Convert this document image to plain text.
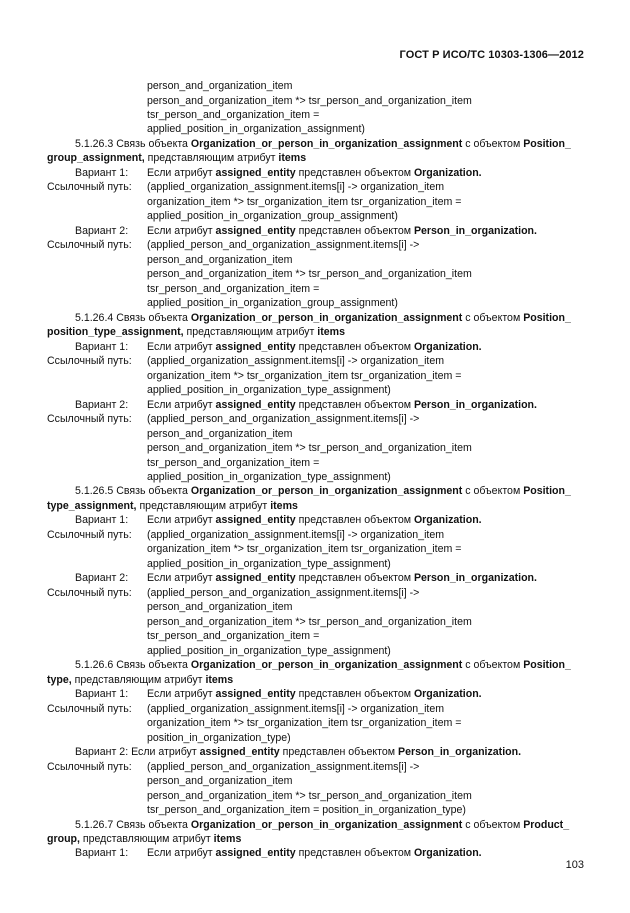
ГОСТ Р ИСО/ТС 10303-1306—2012
person_and_organization_item
person_and_organization_item *> tsr_person_and_organization_item
tsr_person_and_organization_item =
applied_position_in_organization_assignment)
5.1.26.3 Связь объекта Organization_or_person_in_organization_assignment с объектом Position_
group_assignment, представляющим атрибут items
Вариант 1: Если атрибут assigned_entity представлен объектом Organization.
Ссылочный путь: (applied_organization_assignment.items[i] -> organization_item
organization_item *> tsr_organization_item tsr_organization_item =
applied_position_in_organization_group_assignment)
Вариант 2: Если атрибут assigned_entity представлен объектом Person_in_organization.
Ссылочный путь: (applied_person_and_organization_assignment.items[i] ->
person_and_organization_item
person_and_organization_item *> tsr_person_and_organization_item
tsr_person_and_organization_item =
applied_position_in_organization_group_assignment)
5.1.26.4 Связь объекта Organization_or_person_in_organization_assignment с объектом Position_
position_type_assignment, представляющим атрибут items
Вариант 1: Если атрибут assigned_entity представлен объектом Organization.
Ссылочный путь: (applied_organization_assignment.items[i] -> organization_item
organization_item *> tsr_organization_item tsr_organization_item =
applied_position_in_organization_type_assignment)
Вариант 2: Если атрибут assigned_entity представлен объектом Person_in_organization.
Ссылочный путь: (applied_person_and_organization_assignment.items[i] ->
person_and_organization_item
person_and_organization_item *> tsr_person_and_organization_item
tsr_person_and_organization_item =
applied_position_in_organization_type_assignment)
5.1.26.5 Связь объекта Organization_or_person_in_organization_assignment с объектом Position_
type_assignment, представляющим атрибут items
Вариант 1: Если атрибут assigned_entity представлен объектом Organization.
Ссылочный путь: (applied_organization_assignment.items[i] -> organization_item
organization_item *> tsr_organization_item tsr_organization_item =
applied_position_in_organization_type_assignment)
Вариант 2: Если атрибут assigned_entity представлен объектом Person_in_organization.
Ссылочный путь: (applied_person_and_organization_assignment.items[i] ->
person_and_organization_item
person_and_organization_item *> tsr_person_and_organization_item
tsr_person_and_organization_item =
applied_position_in_organization_type_assignment)
5.1.26.6 Связь объекта Organization_or_person_in_organization_assignment с объектом Position_
type, представляющим атрибут items
Вариант 1: Если атрибут assigned_entity представлен объектом Organization.
Ссылочный путь: (applied_organization_assignment.items[i] -> organization_item
organization_item *> tsr_organization_item tsr_organization_item =
position_in_organization_type)
Вариант 2: Если атрибут assigned_entity представлен объектом Person_in_organization.
Ссылочный путь: (applied_person_and_organization_assignment.items[i] ->
person_and_organization_item
person_and_organization_item *> tsr_person_and_organization_item
tsr_person_and_organization_item = position_in_organization_type)
5.1.26.7 Связь объекта Organization_or_person_in_organization_assignment с объектом Product_
group, представляющим атрибут items
Вариант 1: Если атрибут assigned_entity представлен объектом Organization.
103
